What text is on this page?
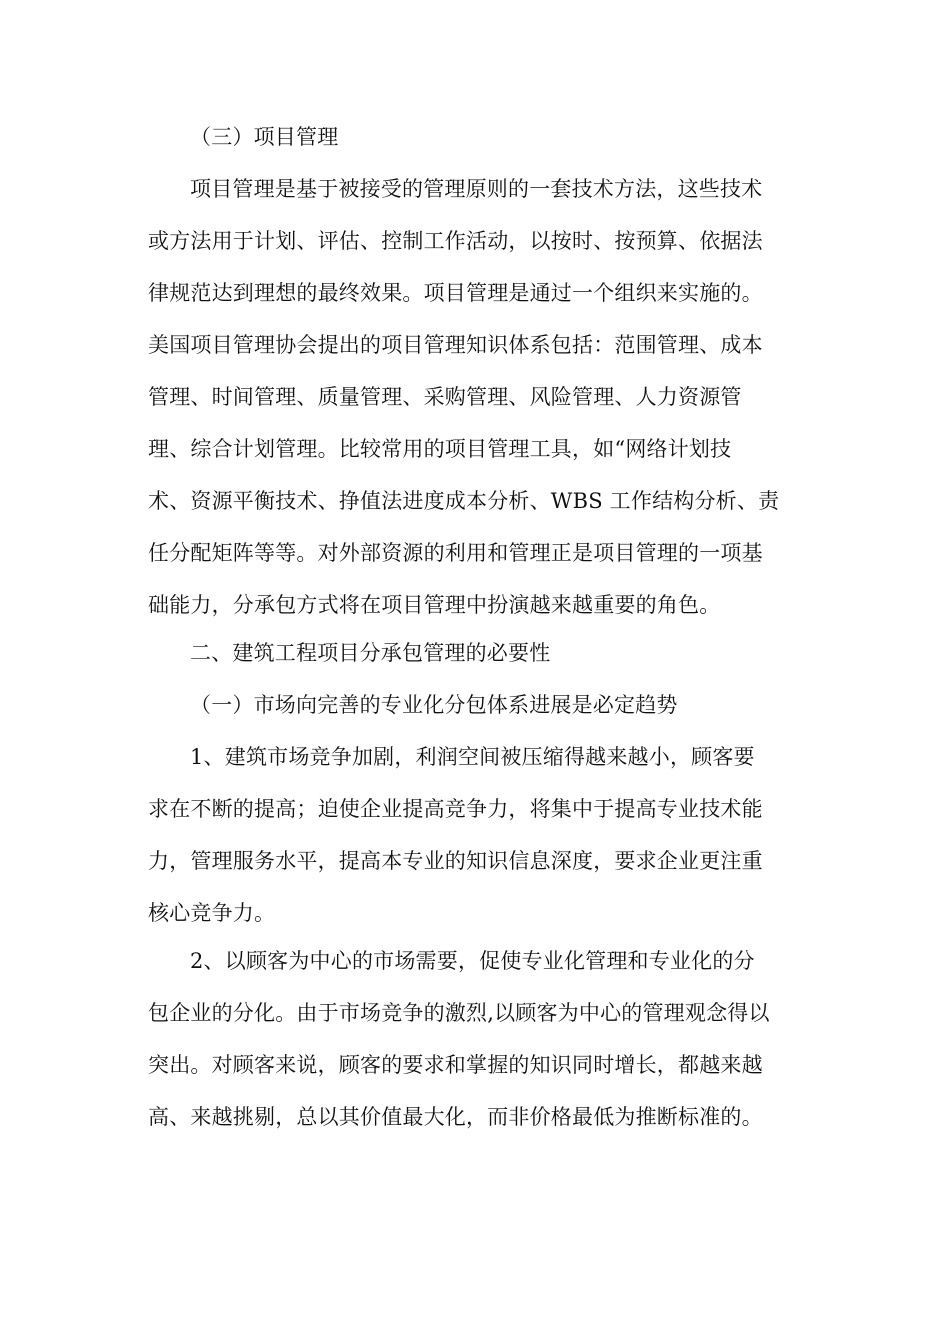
（三）项目管理
项目管理是基于被接受的管理原则的一套技术方法，这些技术
或方法用于计划、评估、控制工作活动，以按时、按预算、依据法
律规范达到理想的最终效果。项目管理是通过一个组织来实施的。
美国项目管理协会提出的项目管理知识体系包括：范围管理、成本
管理、时间管理、质量管理、采购管理、风险管理、人力资源管
理、综合计划管理。比较常用的项目管理工具，如“网络计划技
术、资源平衡技术、挣值法进度成本分析、WBS 工作结构分析、责
任分配矩阵等等。对外部资源的利用和管理正是项目管理的一项基
础能力，分承包方式将在项目管理中扮演越来越重要的角色。
二、建筑工程项目分承包管理的必要性
（一）市场向完善的专业化分包体系进展是必定趋势
1、建筑市场竞争加剧，利润空间被压缩得越来越小，顾客要
求在不断的提高；迫使企业提高竞争力，将集中于提高专业技术能
力，管理服务水平，提高本专业的知识信息深度，要求企业更注重
核心竞争力。
2、以顾客为中心的市场需要，促使专业化管理和专业化的分
包企业的分化。由于市场竞争的激烈,以顾客为中心的管理观念得以
突出。对顾客来说，顾客的要求和掌握的知识同时增长，都越来越
高、来越挑剔，总以其价值最大化，而非价格最低为推断标准的。
